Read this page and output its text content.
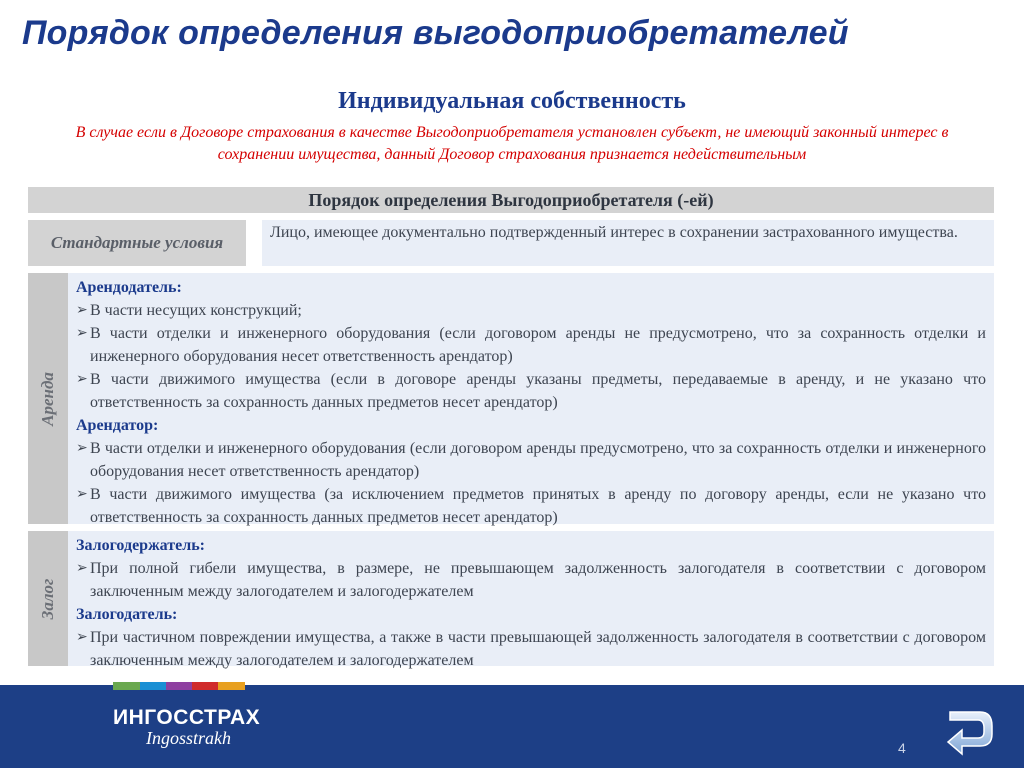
Порядок определения выгодоприобретателей
Индивидуальная собственность
В случае если в Договоре страхования в качестве Выгодоприобретателя установлен субъект, не имеющий законный интерес в сохранении имущества, данный Договор страхования признается недействительным
Порядок определения Выгодоприобретателя (-ей)
Стандартные условия
Лицо, имеющее документально подтвержденный интерес в сохранении застрахованного имущества.
Аренда
Арендодатель:
➢ В части несущих конструкций;
➢ В части отделки и инженерного оборудования (если договором аренды не предусмотрено, что за сохранность отделки и инженерного оборудования несет ответственность арендатор)
➢ В части движимого имущества (если в договоре аренды указаны предметы, передаваемые в аренду, и не указано что ответственность за сохранность данных предметов несет арендатор)
Арендатор:
➢ В части отделки и инженерного оборудования (если договором аренды предусмотрено, что за сохранность отделки и инженерного оборудования несет ответственность арендатор)
➢ В части движимого имущества (за исключением предметов принятых в аренду по договору аренды, если не указано что ответственность за сохранность данных предметов несет арендатор)
Залог
Залогодержатель:
➢ При полной гибели имущества, в размере, не превышающем задолженность залогодателя в соответствии с договором заключенным между залогодателем и залогодержателем
Залогодатель:
➢ При частичном повреждении имущества, а также в части превышающей задолженность залогодателя в соответствии с договором заключенным между залогодателем и залогодержателем
ИНГОССТРАХ
Ingosstrakh	4
